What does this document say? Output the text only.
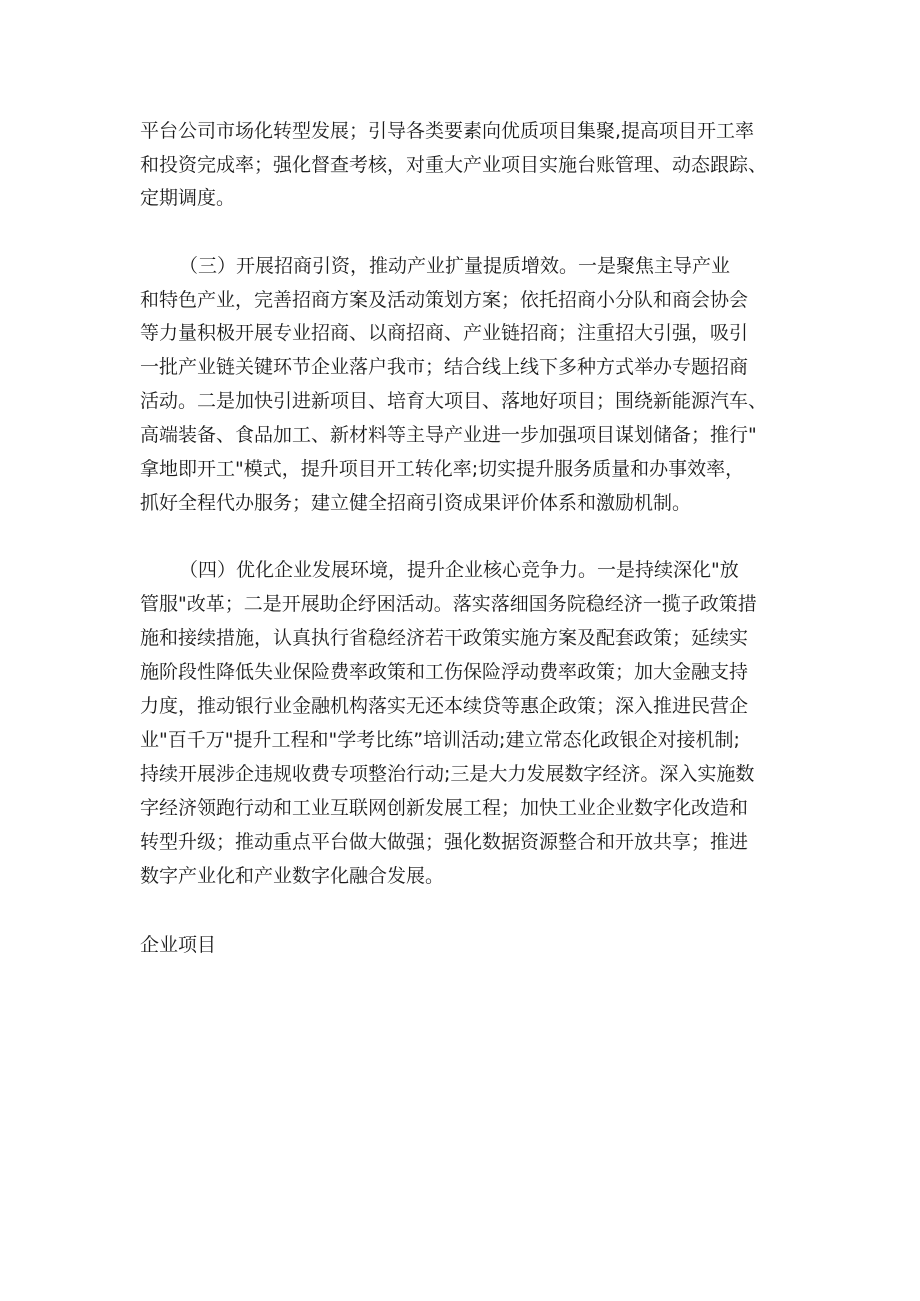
平台公司市场化转型发展；引导各类要素向优质项目集聚,提高项目开工率
和投资完成率；强化督查考核，对重大产业项目实施台账管理、动态跟踪、
定期调度。
（三）开展招商引资，推动产业扩量提质增效。一是聚焦主导产业
和特色产业，完善招商方案及活动策划方案；依托招商小分队和商会协会
等力量积极开展专业招商、以商招商、产业链招商；注重招大引强，吸引
一批产业链关键环节企业落户我市；结合线上线下多种方式举办专题招商
活动。二是加快引进新项目、培育大项目、落地好项目；围绕新能源汽车、
高端装备、食品加工、新材料等主导产业进一步加强项目谋划储备；推行"
拿地即开工"模式，提升项目开工转化率;切实提升服务质量和办事效率，
抓好全程代办服务；建立健全招商引资成果评价体系和激励机制。
（四）优化企业发展环境，提升企业核心竞争力。一是持续深化"放
管服"改革；二是开展助企纾困活动。落实落细国务院稳经济一揽子政策措
施和接续措施，认真执行省稳经济若干政策实施方案及配套政策；延续实
施阶段性降低失业保险费率政策和工伤保险浮动费率政策；加大金融支持
力度，推动银行业金融机构落实无还本续贷等惠企政策；深入推进民营企
业"百千万"提升工程和"学考比练”培训活动;建立常态化政银企对接机制;
持续开展涉企违规收费专项整治行动;三是大力发展数字经济。深入实施数
字经济领跑行动和工业互联网创新发展工程；加快工业企业数字化改造和
转型升级；推动重点平台做大做强；强化数据资源整合和开放共享；推进
数字产业化和产业数字化融合发展。
企业项目
